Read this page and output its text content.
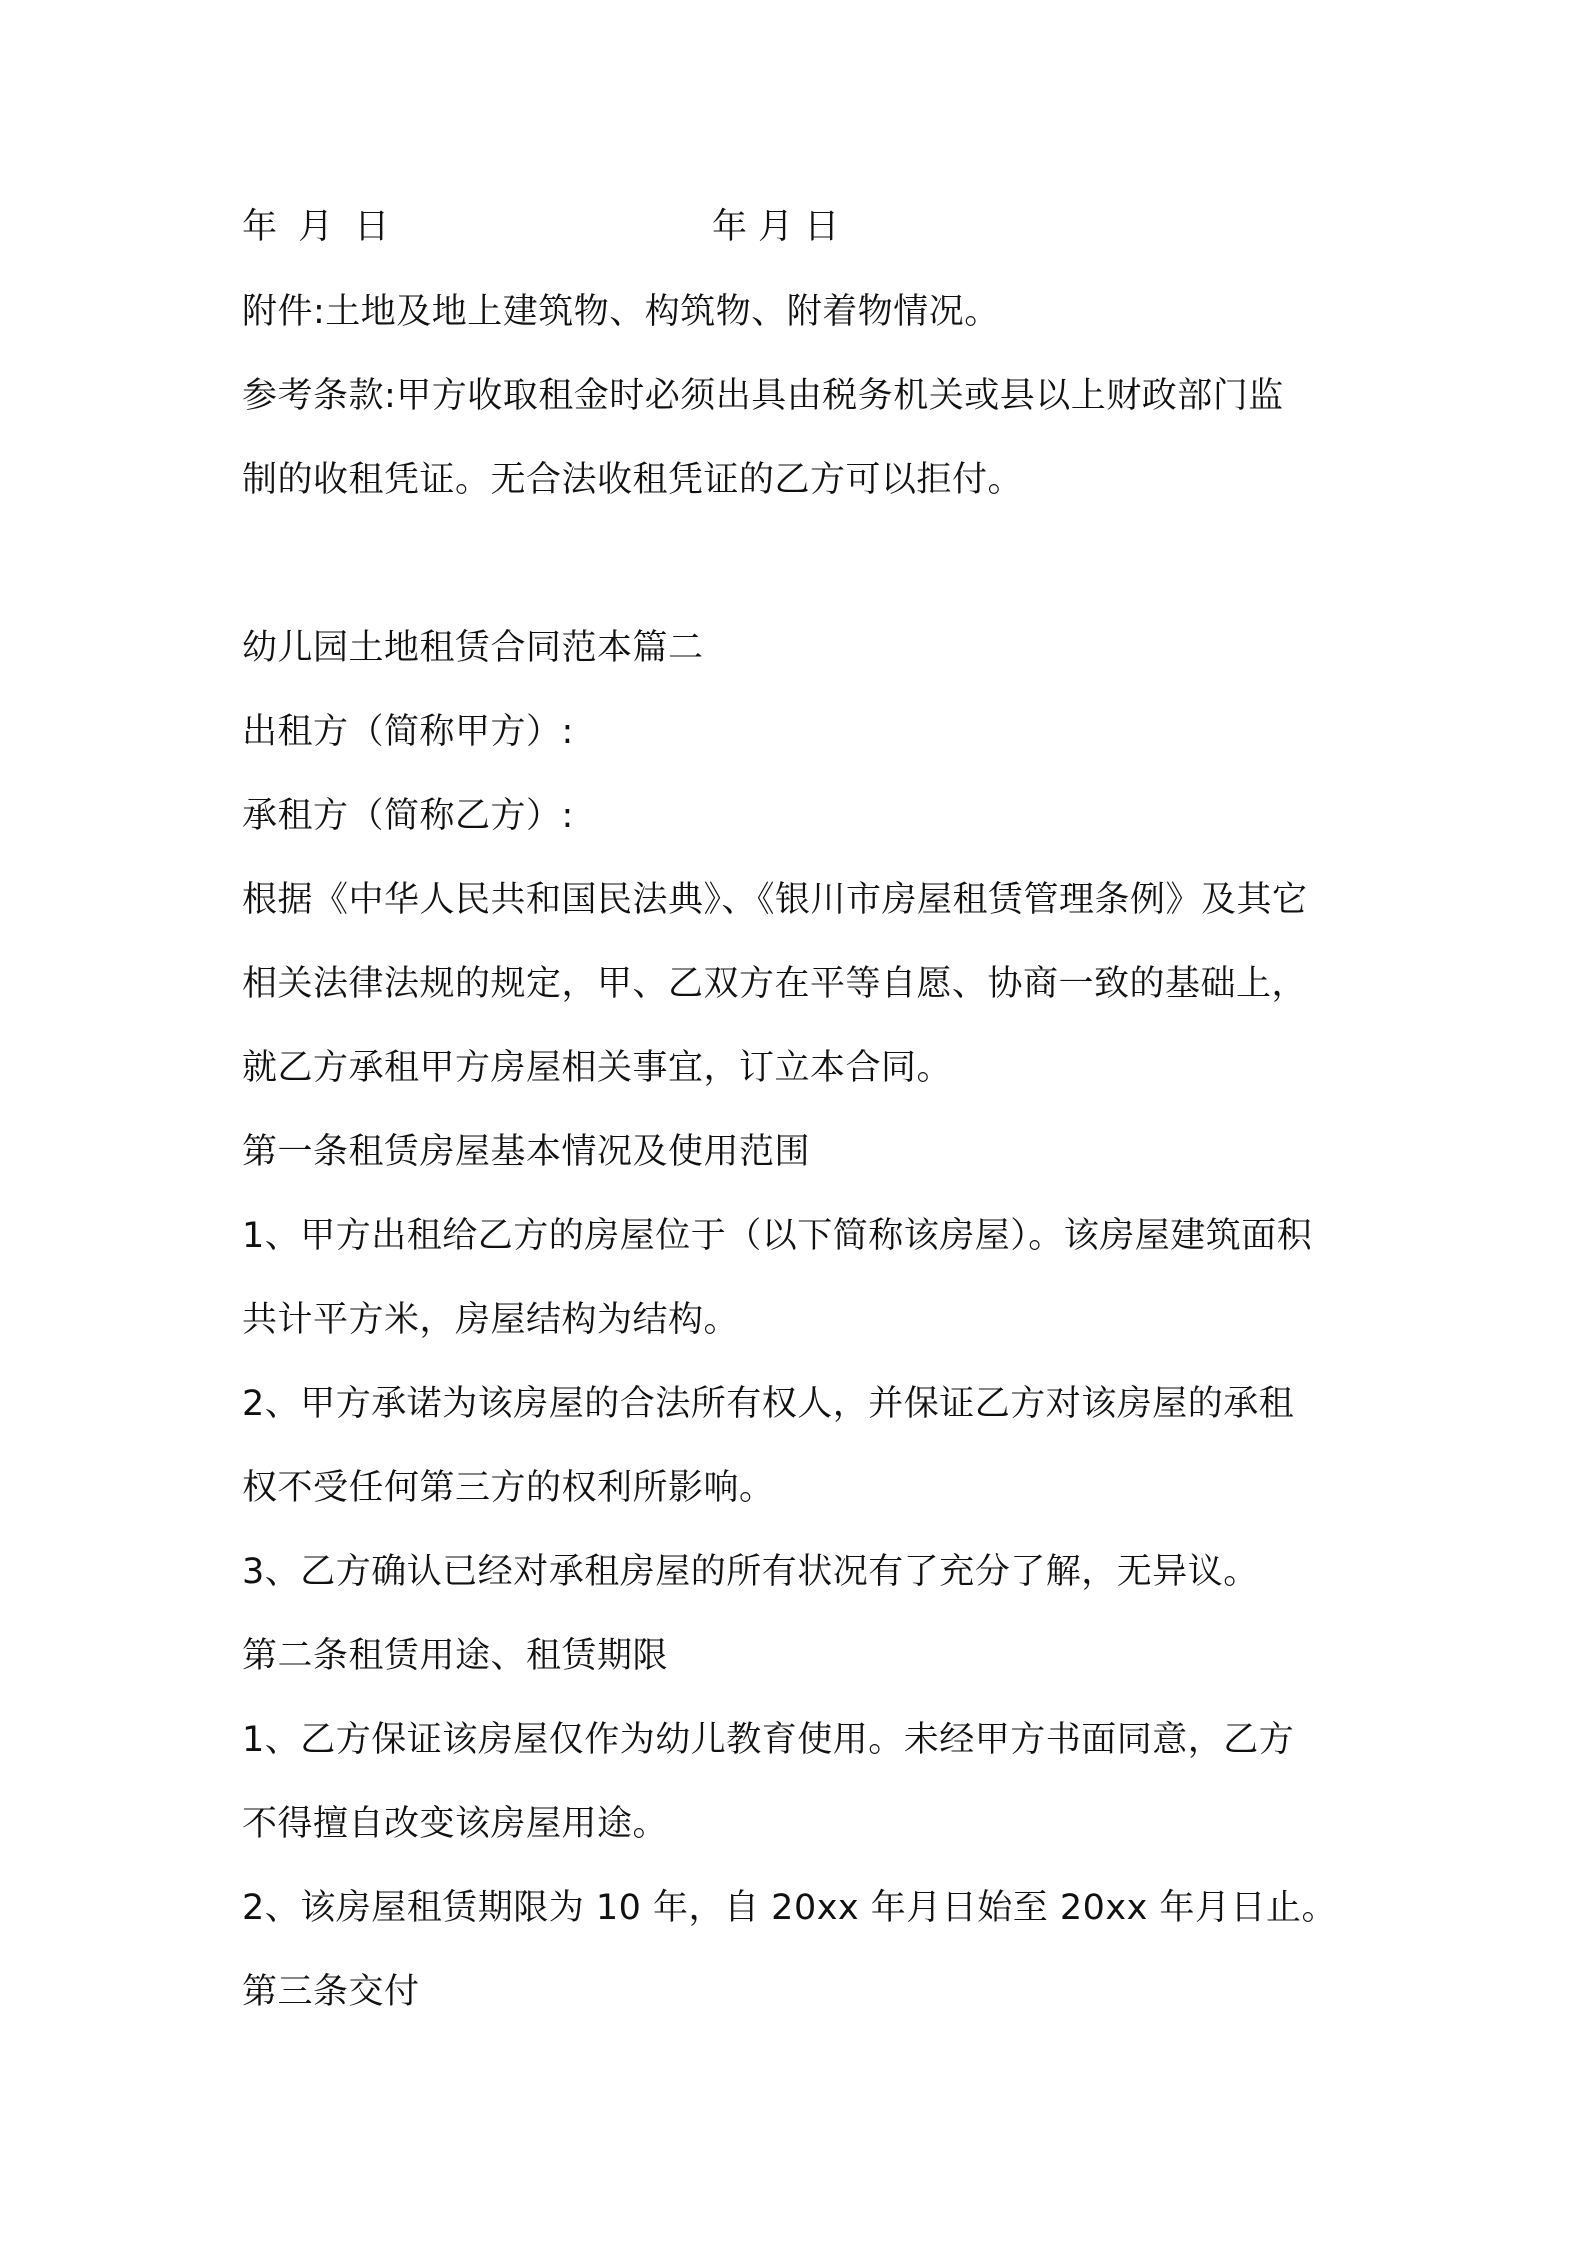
年 月 日	年 月 日
附件:土地及地上建筑物、构筑物、附着物情况。
参考条款:甲方收取租金时必须出具由税务机关或县以上财政部门监
制的收租凭证。无合法收租凭证的乙方可以拒付。
幼儿园土地租赁合同范本篇二
出租方（简称甲方）:
承租方（简称乙方）:
根据《中华人民共和国民法典》、《银川市房屋租赁管理条例》及其它
相关法律法规的规定，甲、乙双方在平等自愿、协商一致的基础上，
就乙方承租甲方房屋相关事宜，订立本合同。
第一条租赁房屋基本情况及使用范围
1、甲方出租给乙方的房屋位于（以下简称该房屋）。该房屋建筑面积
共计平方米，房屋结构为结构。
2、甲方承诺为该房屋的合法所有权人，并保证乙方对该房屋的承租
权不受任何第三方的权利所影响。
3、乙方确认已经对承租房屋的所有状况有了充分了解，无异议。
第二条租赁用途、租赁期限
1、乙方保证该房屋仅作为幼儿教育使用。未经甲方书面同意，乙方
不得擅自改变该房屋用途。
2、该房屋租赁期限为 10 年，自 20xx 年月日始至 20xx 年月日止。
第三条交付
